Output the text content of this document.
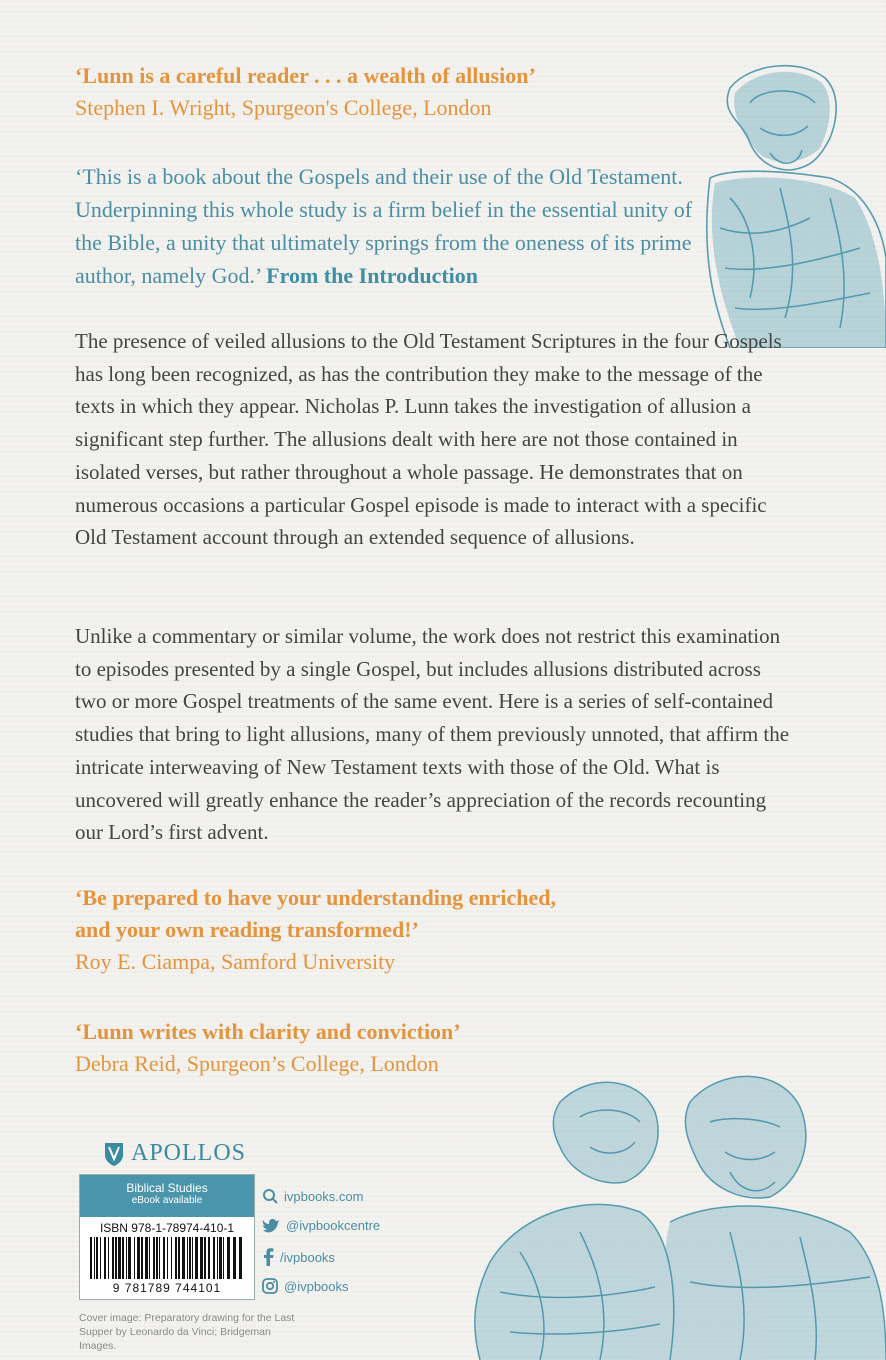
‘Lunn is a careful reader . . . a wealth of allusion’
Stephen I. Wright, Spurgeon's College, London
‘This is a book about the Gospels and their use of the Old Testament. Underpinning this whole study is a firm belief in the essential unity of the Bible, a unity that ultimately springs from the oneness of its prime author, namely God.’ From the Introduction
The presence of veiled allusions to the Old Testament Scriptures in the four Gospels has long been recognized, as has the contribution they make to the message of the texts in which they appear. Nicholas P. Lunn takes the investigation of allusion a significant step further. The allusions dealt with here are not those contained in isolated verses, but rather throughout a whole passage. He demonstrates that on numerous occasions a particular Gospel episode is made to interact with a specific Old Testament account through an extended sequence of allusions.
Unlike a commentary or similar volume, the work does not restrict this examination to episodes presented by a single Gospel, but includes allusions distributed across two or more Gospel treatments of the same event. Here is a series of self-contained studies that bring to light allusions, many of them previously unnoted, that affirm the intricate interweaving of New Testament texts with those of the Old. What is uncovered will greatly enhance the reader’s appreciation of the records recounting our Lord’s first advent.
‘Be prepared to have your understanding enriched,
and your own reading transformed!’
Roy E. Ciampa, Samford University
‘Lunn writes with clarity and conviction’
Debra Reid, Spurgeon’s College, London
APOLLOS
Biblical Studies
eBook available
ISBN 978-1-78974-410-1
9 781789 744101
ivpbooks.com
@ivpbookcentre
/ivpbooks
@ivpbooks
Cover image: Preparatory drawing for the Last Supper by Leonardo da Vinci; Bridgeman Images.
